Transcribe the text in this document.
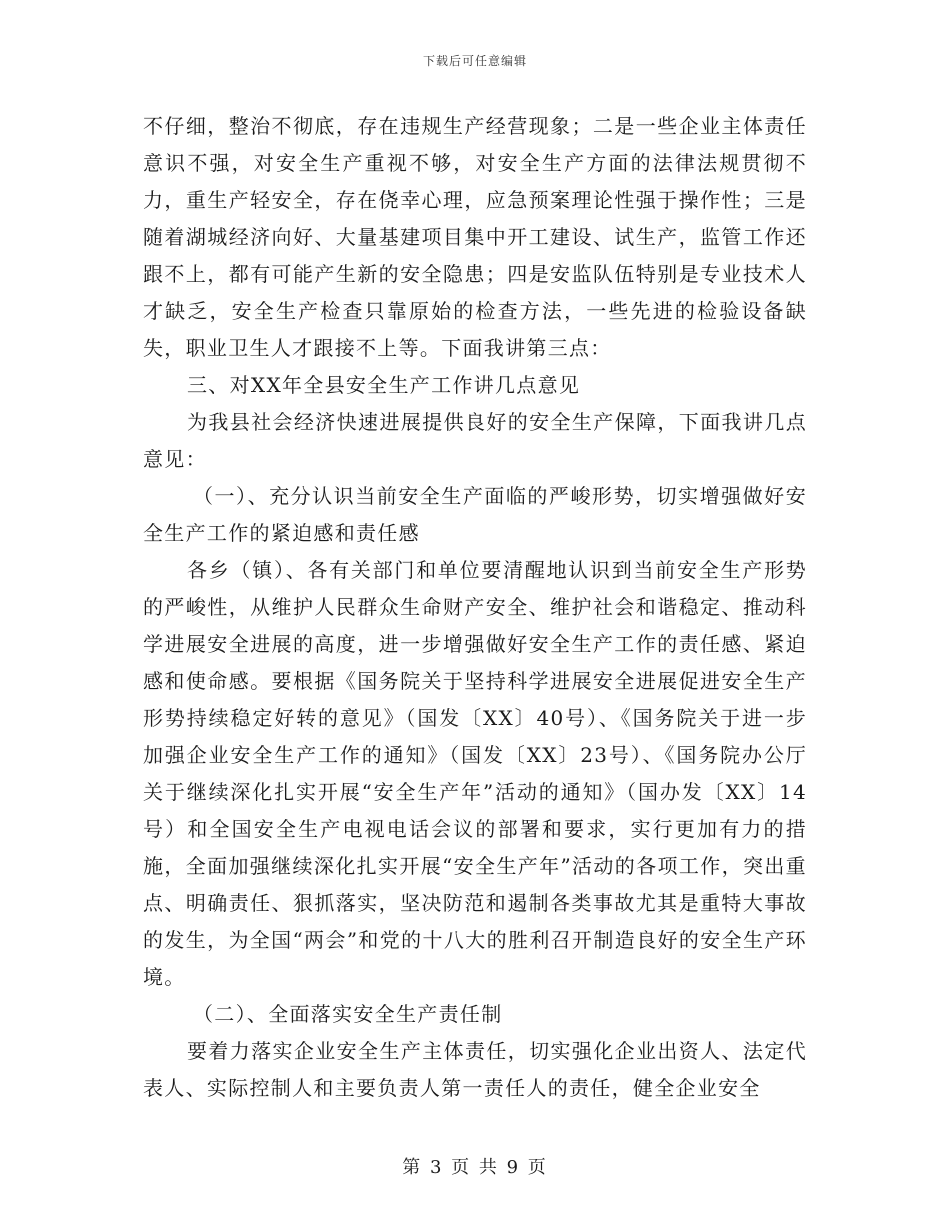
下载后可任意编辑

不仔细，整治不彻底，存在违规生产经营现象；二是一些企业主体责任意识不强，对安全生产重视不够，对安全生产方面的法律法规贯彻不力，重生产轻安全，存在侥幸心理，应急预案理论性强于操作性；三是随着湖城经济向好、大量基建项目集中开工建设、试生产，监管工作还跟不上，都有可能产生新的安全隐患；四是安监队伍特别是专业技术人才缺乏，安全生产检查只靠原始的检查方法，一些先进的检验设备缺失，职业卫生人才跟接不上等。下面我讲第三点：

三、对XX年全县安全生产工作讲几点意见

为我县社会经济快速进展提供良好的安全生产保障，下面我讲几点意见：

（一）、充分认识当前安全生产面临的严峻形势，切实增强做好安全生产工作的紧迫感和责任感

各乡（镇）、各有关部门和单位要清醒地认识到当前安全生产形势的严峻性，从维护人民群众生命财产安全、维护社会和谐稳定、推动科学进展安全进展的高度，进一步增强做好安全生产工作的责任感、紧迫感和使命感。要根据《国务院关于坚持科学进展安全进展促进安全生产形势持续稳定好转的意见》（国发〔XX〕40号）、《国务院关于进一步加强企业安全生产工作的通知》（国发〔XX〕23号）、《国务院办公厅关于继续深化扎实开展“安全生产年”活动的通知》（国办发〔XX〕14号）和全国安全生产电视电话会议的部署和要求，实行更加有力的措施，全面加强继续深化扎实开展“安全生产年”活动的各项工作，突出重点、明确责任、狠抓落实，坚决防范和遏制各类事故尤其是重特大事故的发生，为全国“两会”和党的十八大的胜利召开制造良好的安全生产环境。

（二）、全面落实安全生产责任制

要着力落实企业安全生产主体责任，切实强化企业出资人、法定代表人、实际控制人和主要负责人第一责任人的责任，健全企业安全

第 3 页 共 9 页
